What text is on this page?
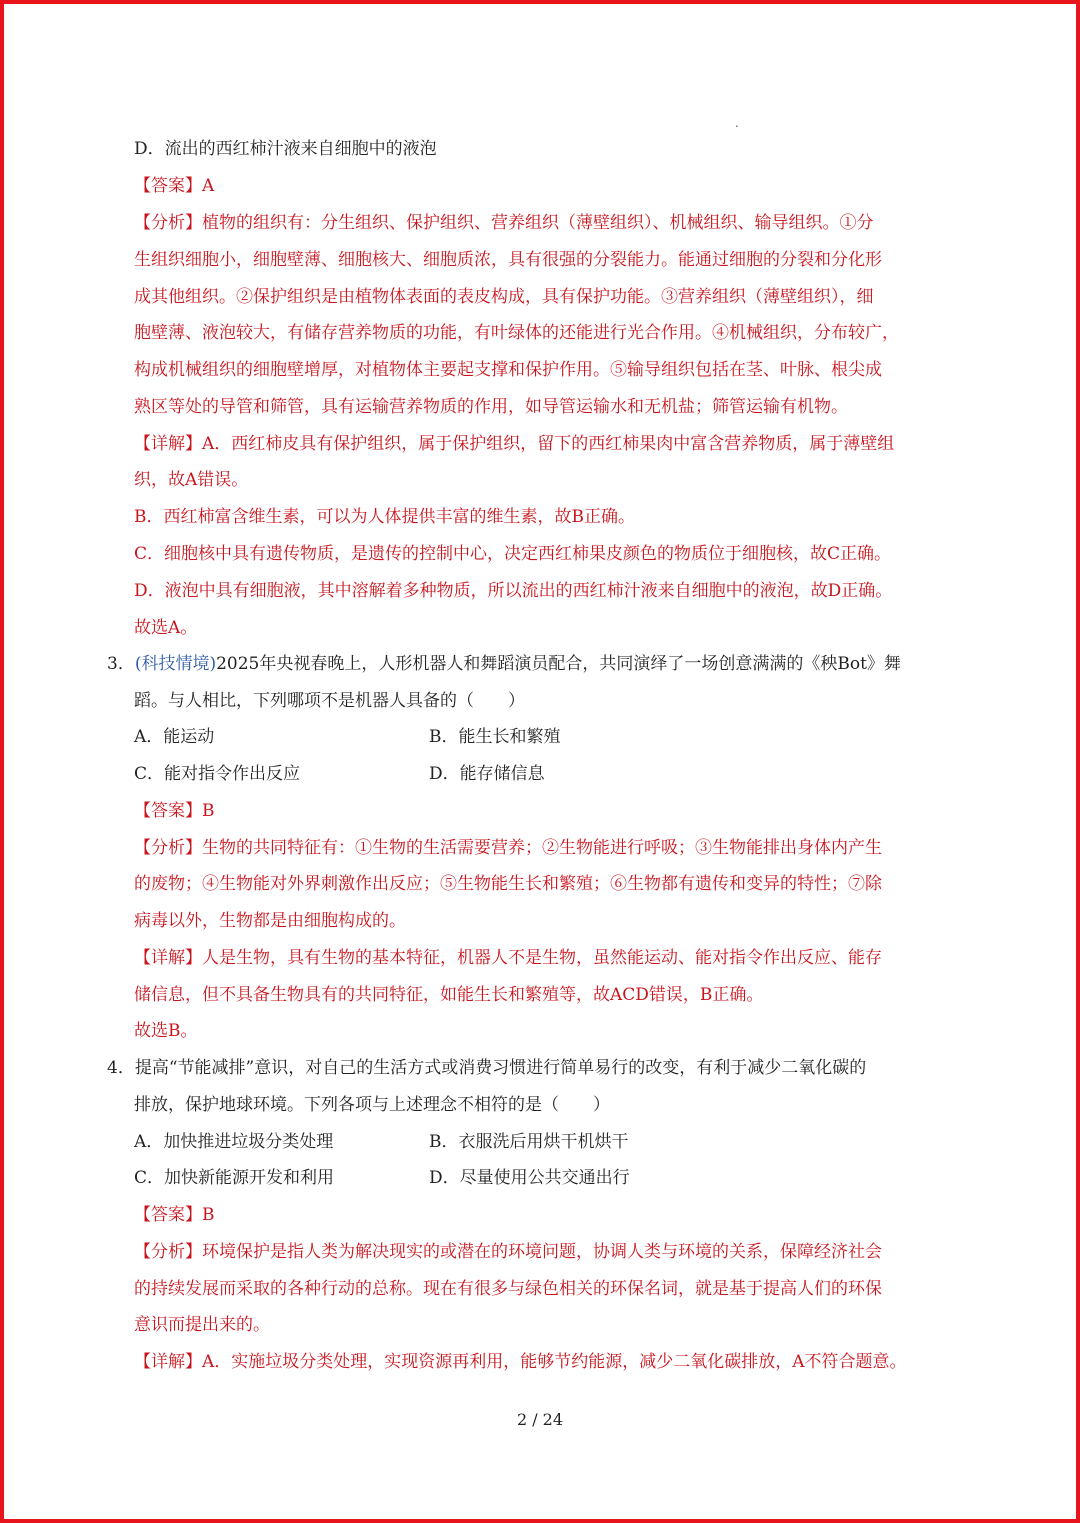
.
D．流出的西红柿汁液来自细胞中的液泡
【答案】A
【分析】植物的组织有：分生组织、保护组织、营养组织（薄壁组织）、机械组织、输导组织。①分
生组织细胞小，细胞壁薄、细胞核大、细胞质浓，具有很强的分裂能力。能通过细胞的分裂和分化形
成其他组织。②保护组织是由植物体表面的表皮构成，具有保护功能。③营养组织（薄壁组织），细
胞壁薄、液泡较大，有储存营养物质的功能，有叶绿体的还能进行光合作用。④机械组织，分布较广，
构成机械组织的细胞壁增厚，对植物体主要起支撑和保护作用。⑤输导组织包括在茎、叶脉、根尖成
熟区等处的导管和筛管，具有运输营养物质的作用，如导管运输水和无机盐；筛管运输有机物。
【详解】A．西红柿皮具有保护组织，属于保护组织，留下的西红柿果肉中富含营养物质，属于薄壁组
织，故A错误。
B．西红柿富含维生素，可以为人体提供丰富的维生素，故B正确。
C．细胞核中具有遗传物质，是遗传的控制中心，决定西红柿果皮颜色的物质位于细胞核，故C正确。
D．液泡中具有细胞液，其中溶解着多种物质，所以流出的西红柿汁液来自细胞中的液泡，故D正确。
故选A。
3．(科技情境)2025年央视春晚上，人形机器人和舞蹈演员配合，共同演绎了一场创意满满的《秧Bot》舞
蹈。与人相比，下列哪项不是机器人具备的（　　）
A．能运动	B．能生长和繁殖
C．能对指令作出反应	D．能存储信息
【答案】B
【分析】生物的共同特征有：①生物的生活需要营养；②生物能进行呼吸；③生物能排出身体内产生
的废物；④生物能对外界刺激作出反应；⑤生物能生长和繁殖；⑥生物都有遗传和变异的特性；⑦除
病毒以外，生物都是由细胞构成的。
【详解】人是生物，具有生物的基本特征，机器人不是生物，虽然能运动、能对指令作出反应、能存
储信息，但不具备生物具有的共同特征，如能生长和繁殖等，故ACD错误，B正确。
故选B。
4．提高“节能减排”意识，对自己的生活方式或消费习惯进行简单易行的改变，有利于减少二氧化碳的
排放，保护地球环境。下列各项与上述理念不相符的是（　　）
A．加快推进垃圾分类处理	B．衣服洗后用烘干机烘干
C．加快新能源开发和利用	D．尽量使用公共交通出行
【答案】B
【分析】环境保护是指人类为解决现实的或潜在的环境问题，协调人类与环境的关系，保障经济社会
的持续发展而采取的各种行动的总称。现在有很多与绿色相关的环保名词，就是基于提高人们的环保
意识而提出来的。
【详解】A．实施垃圾分类处理，实现资源再利用，能够节约能源，减少二氧化碳排放，A不符合题意。
2 / 24
